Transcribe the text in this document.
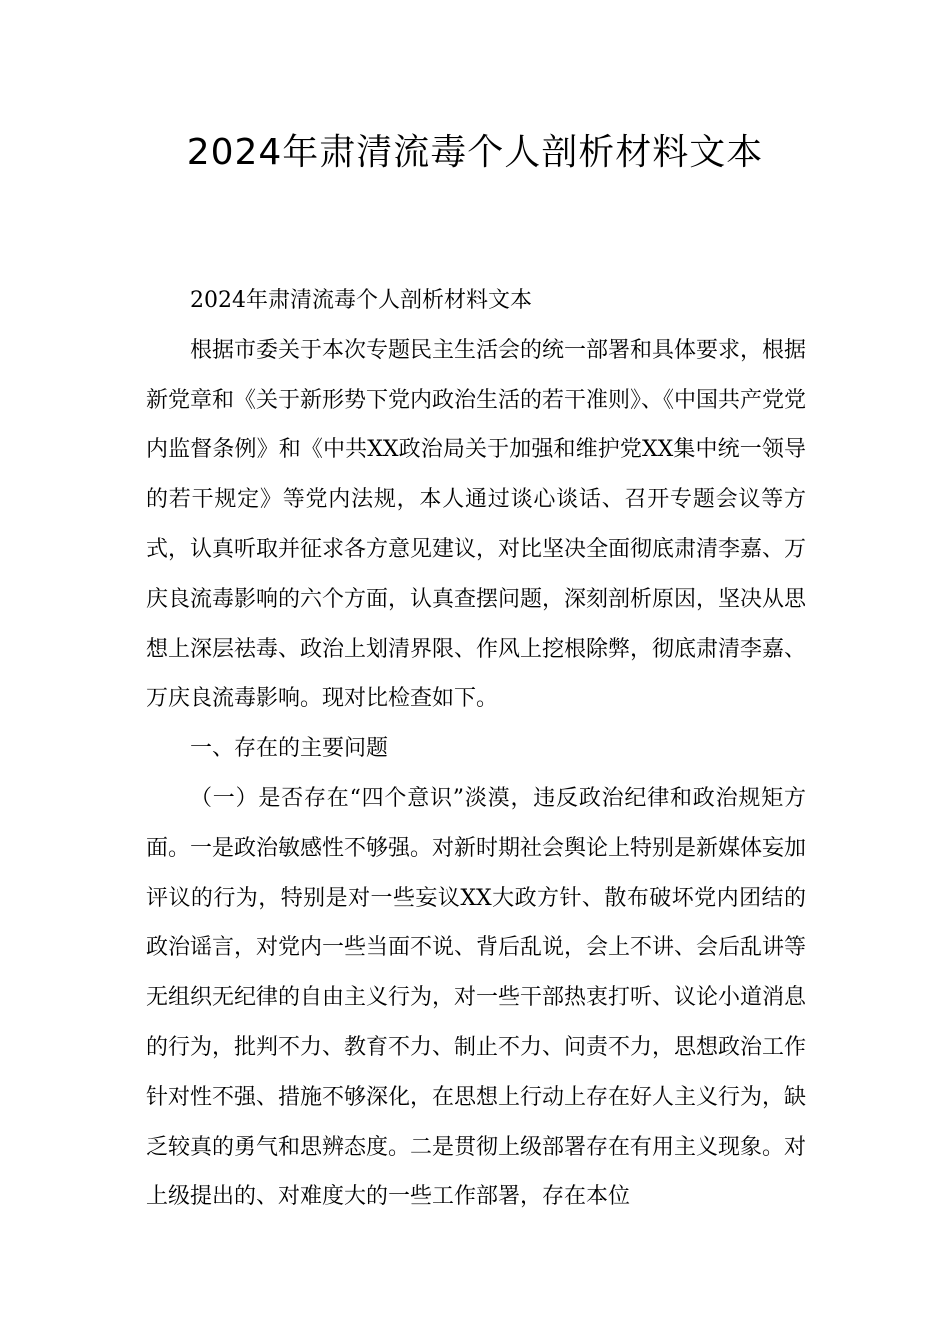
2024年肃清流毒个人剖析材料文本

2024年肃清流毒个人剖析材料文本

根据市委关于本次专题民主生活会的统一部署和具体要求，根据新党章和《关于新形势下党内政治生活的若干准则》、《中国共产党党内监督条例》和《中共XX政治局关于加强和维护党XX集中统一领导的若干规定》等党内法规，本人通过谈心谈话、召开专题会议等方式，认真听取并征求各方意见建议，对比坚决全面彻底肃清李嘉、万庆良流毒影响的六个方面，认真查摆问题，深刻剖析原因，坚决从思想上深层祛毒、政治上划清界限、作风上挖根除弊，彻底肃清李嘉、万庆良流毒影响。现对比检查如下。

一、存在的主要问题

（一）是否存在“四个意识”淡漠，违反政治纪律和政治规矩方面。一是政治敏感性不够强。对新时期社会舆论上特别是新媒体妄加评议的行为，特别是对一些妄议XX大政方针、散布破坏党内团结的政治谣言，对党内一些当面不说、背后乱说，会上不讲、会后乱讲等无组织无纪律的自由主义行为，对一些干部热衷打听、议论小道消息的行为，批判不力、教育不力、制止不力、问责不力，思想政治工作针对性不强、措施不够深化，在思想上行动上存在好人主义行为，缺乏较真的勇气和思辨态度。二是贯彻上级部署存在有用主义现象。对上级提出的、对难度大的一些工作部署，存在本位
